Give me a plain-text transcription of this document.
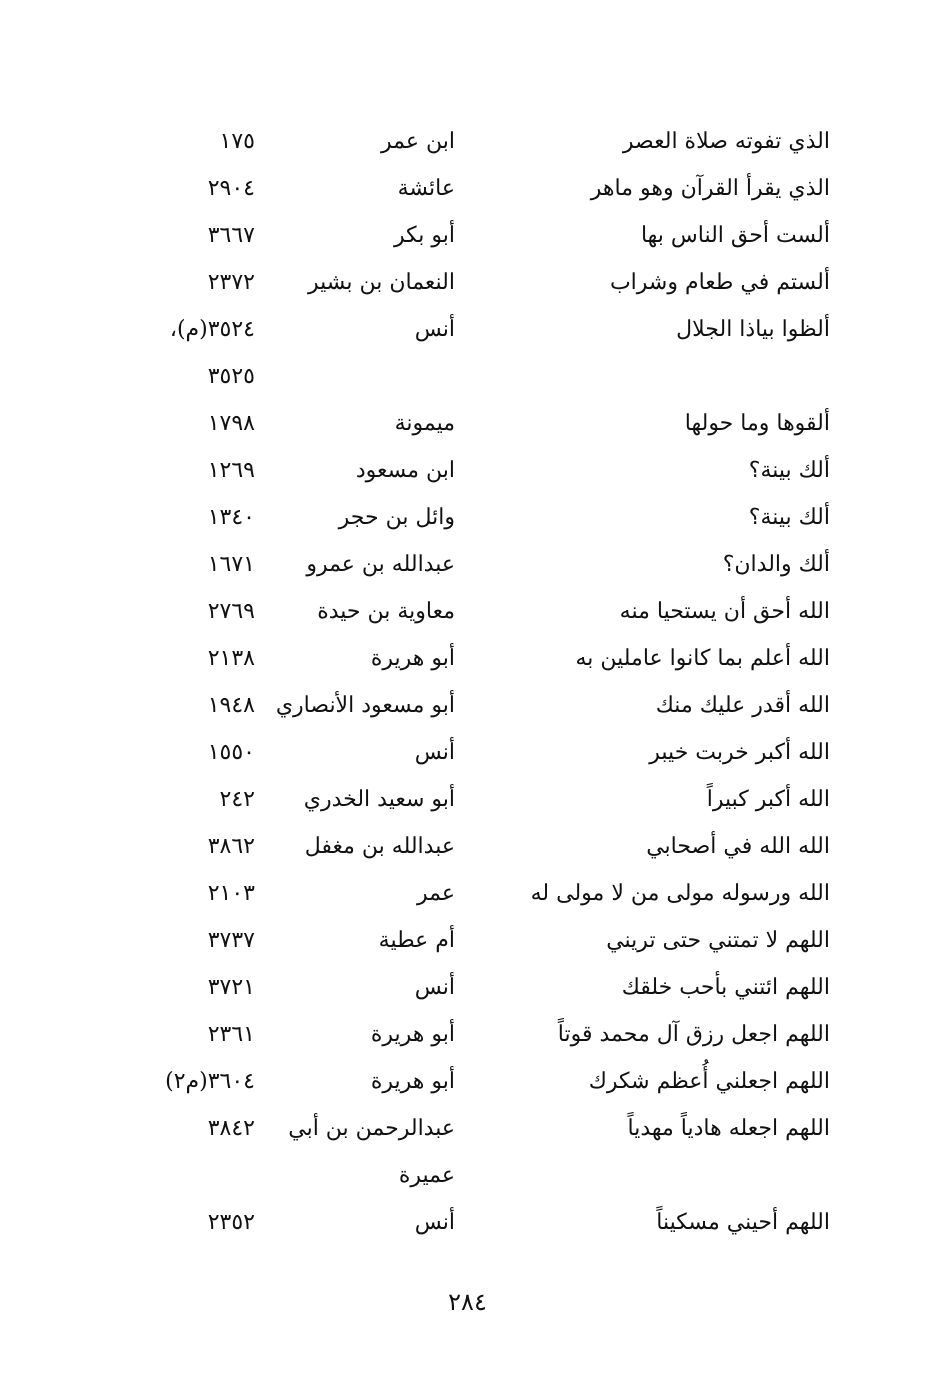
الذي تفوته صلاة العصر
ابن عمر
١٧٥
الذي يقرأ القرآن وهو ماهر
عائشة
٢٩٠٤
ألست أحق الناس بها
أبو بكر
٣٦٦٧
ألستم في طعام وشراب
النعمان بن بشير
٢٣٧٢
ألظوا بياذا الجلال
أنس
٣٥٢٤(م)،
٣٥٢٥
ألقوها وما حولها
ميمونة
١٧٩٨
ألك بينة؟
ابن مسعود
١٢٦٩
ألك بينة؟
وائل بن حجر
١٣٤٠
ألك والدان؟
عبدالله بن عمرو
١٦٧١
الله أحق أن يستحيا منه
معاوية بن حيدة
٢٧٦٩
الله أعلم بما كانوا عاملين به
أبو هريرة
٢١٣٨
الله أقدر عليك منك
أبو مسعود الأنصاري
١٩٤٨
الله أكبر خربت خيبر
أنس
١٥٥٠
الله أكبر كبيراً
أبو سعيد الخدري
٢٤٢
الله الله في أصحابي
عبدالله بن مغفل
٣٨٦٢
الله ورسوله مولى من لا مولى له
عمر
٢١٠٣
اللهم لا تمتني حتى تريني
أم عطية
٣٧٣٧
اللهم ائتني بأحب خلقك
أنس
٣٧٢١
اللهم اجعل رزق آل محمد قوتاً
أبو هريرة
٢٣٦١
اللهم اجعلني أُعظم شكرك
أبو هريرة
٣٦٠٤(م٢)
اللهم اجعله هادياً مهدياً
عبدالرحمن بن أبي
٣٨٤٢
عميرة
اللهم أحيني مسكيناً
أنس
٢٣٥٢
٢٨٤
